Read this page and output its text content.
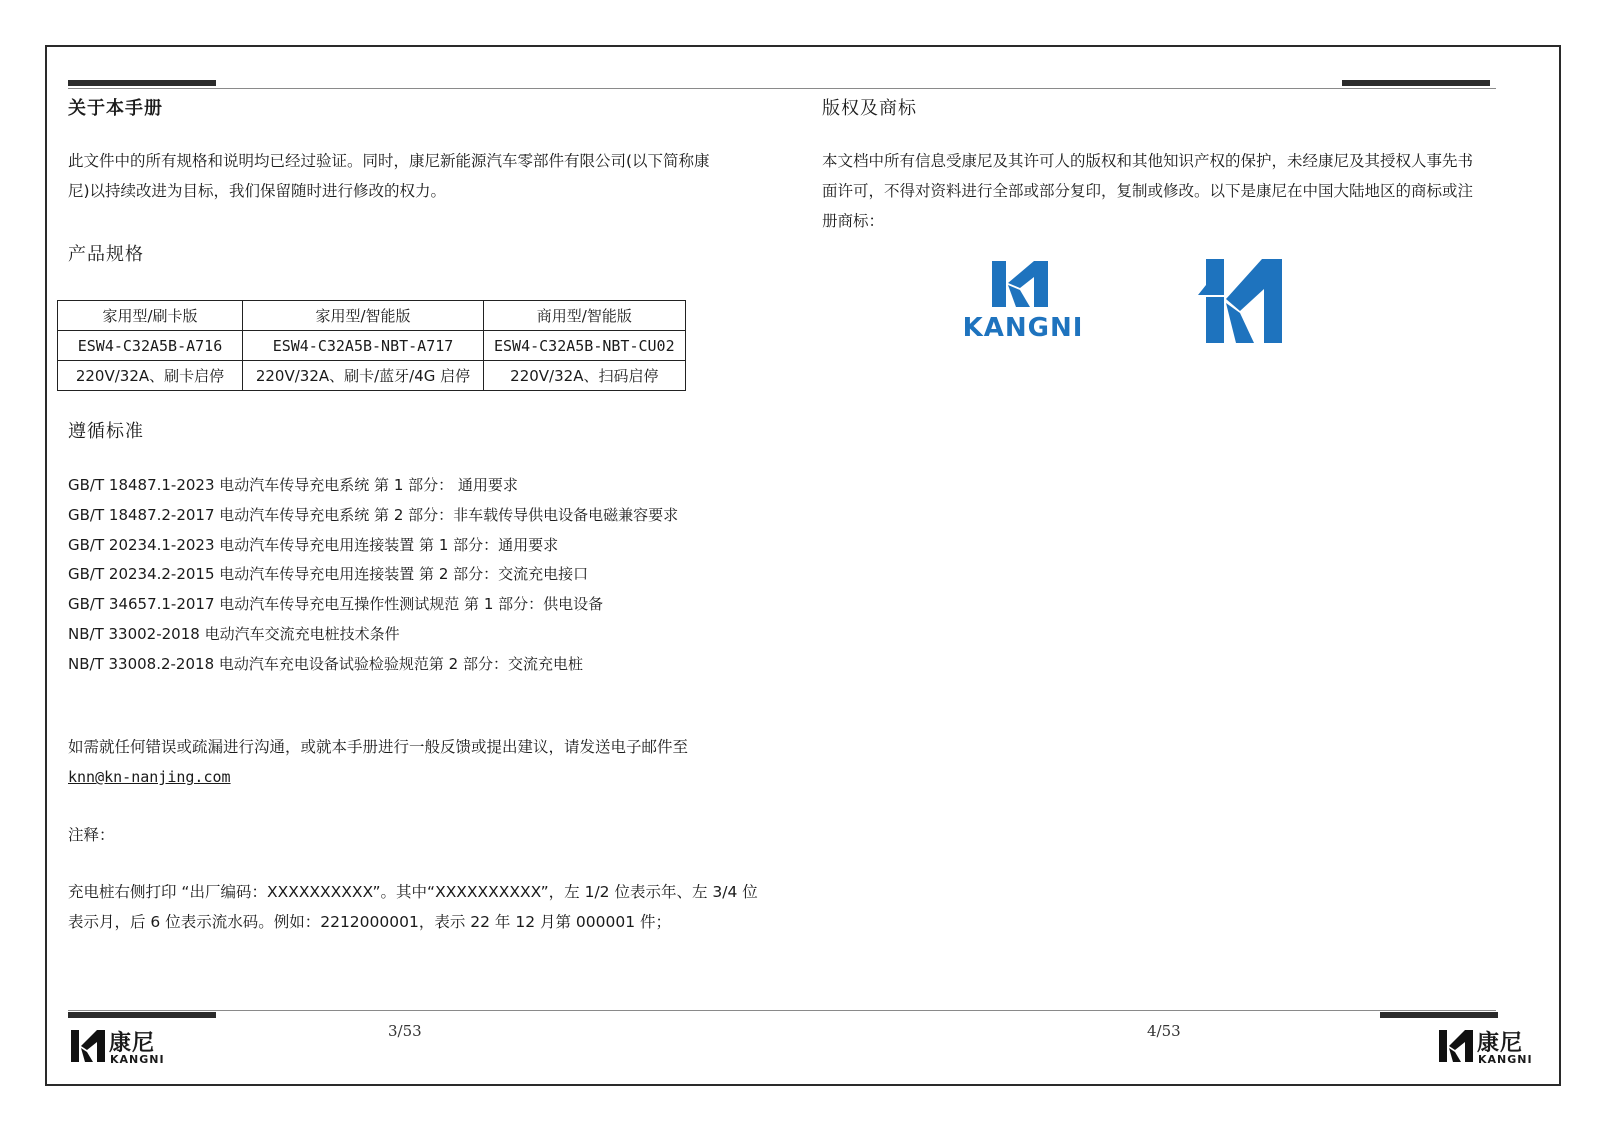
关于本手册
此文件中的所有规格和说明均已经过验证。同时，康尼新能源汽车零部件有限公司(以下简称康
尼)以持续改进为目标，我们保留随时进行修改的权力。
产品规格
家用型/刷卡版	家用型/智能版	商用型/智能版
ESW4-C32A5B-A716	ESW4-C32A5B-NBT-A717	ESW4-C32A5B-NBT-CU02
220V/32A、刷卡启停	220V/32A、刷卡/蓝牙/4G 启停	220V/32A、扫码启停
遵循标准
GB/T 18487.1-2023 电动汽车传导充电系统 第 1 部分： 通用要求
GB/T 18487.2-2017 电动汽车传导充电系统 第 2 部分：非车载传导供电设备电磁兼容要求
GB/T 20234.1-2023 电动汽车传导充电用连接装置 第 1 部分：通用要求
GB/T 20234.2-2015 电动汽车传导充电用连接装置 第 2 部分：交流充电接口
GB/T 34657.1-2017 电动汽车传导充电互操作性测试规范 第 1 部分：供电设备
NB/T 33002-2018 电动汽车交流充电桩技术条件
NB/T 33008.2-2018 电动汽车充电设备试验检验规范第 2 部分：交流充电桩
如需就任何错误或疏漏进行沟通，或就本手册进行一般反馈或提出建议，请发送电子邮件至
knn@kn-nanjing.com
注释：
充电桩右侧打印 “出厂编码：XXXXXXXXXX”。其中“XXXXXXXXXX”，左 1/2 位表示年、左 3/4 位
表示月，后 6 位表示流水码。例如：2212000001，表示 22 年 12 月第 000001 件；
版权及商标
本文档中所有信息受康尼及其许可人的版权和其他知识产权的保护，未经康尼及其授权人事先书
面许可，不得对资料进行全部或部分复印，复制或修改。以下是康尼在中国大陆地区的商标或注
册商标：
KANGNI
3/53	4/53
康尼
KANGNI
康尼
KANGNI
